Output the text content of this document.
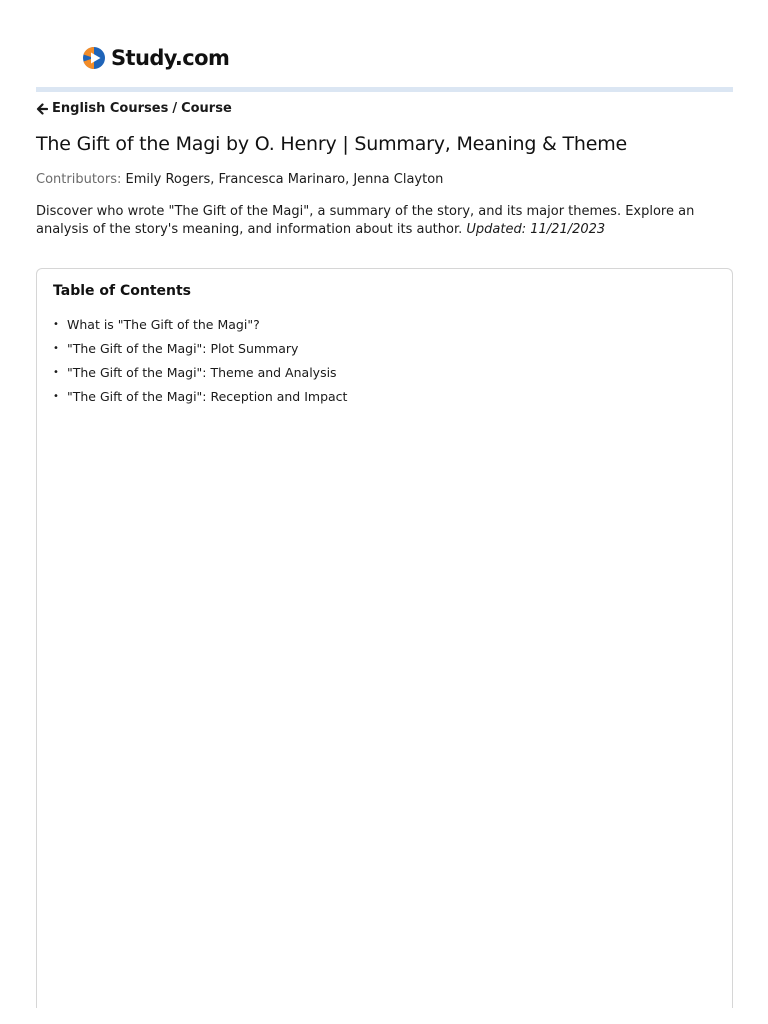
Study.com
English Courses / Course
The Gift of the Magi by O. Henry | Summary, Meaning & Theme
Contributors: Emily Rogers, Francesca Marinaro, Jenna Clayton

Discover who wrote "The Gift of the Magi", a summary of the story, and its major themes. Explore an analysis of the story's meaning, and information about its author. Updated: 11/21/2023

Table of Contents
• What is "The Gift of the Magi"?
• "The Gift of the Magi": Plot Summary
• "The Gift of the Magi": Theme and Analysis
• "The Gift of the Magi": Reception and Impact
